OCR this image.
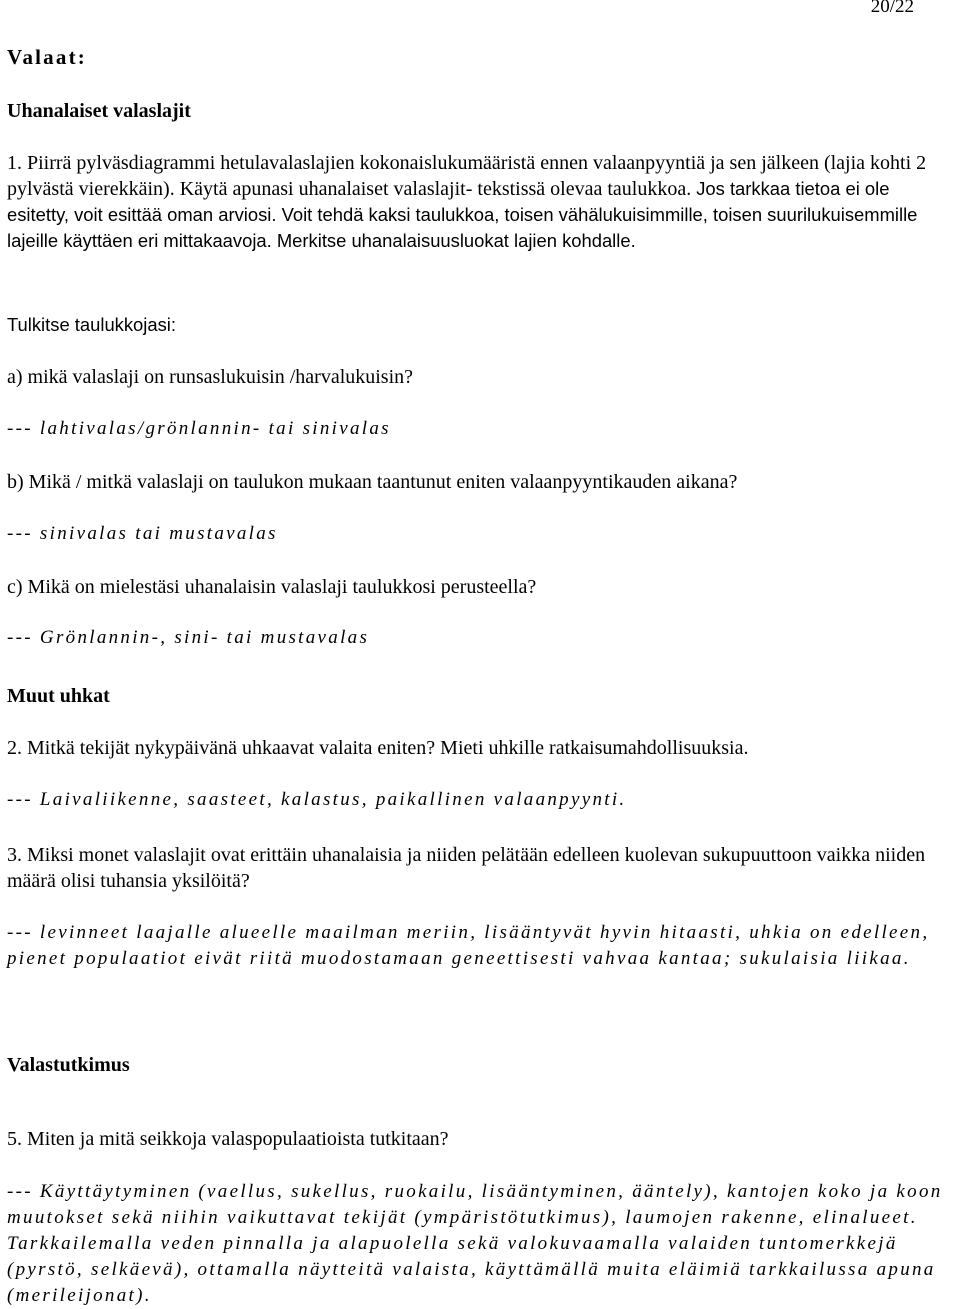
20/22
Valaat:
Uhanalaiset valaslajit

1. Piirrä pylväsdiagrammi hetulavalaslajien kokonaislukumääristä ennen valaanpyyntiä ja sen jälkeen (lajia kohti 2 pylvästä vierekkäin). Käytä apunasi uhanalaiset valaslajit- tekstissä olevaa taulukkoa. Jos tarkkaa tietoa ei ole esitetty, voit esittää oman arviosi. Voit tehdä kaksi taulukkoa, toisen vähälukuisimmille, toisen suurilukuisemmille lajeille käyttäen eri mittakaavoja. Merkitse uhanalaisuusluokat lajien kohdalle.

Tulkitse taulukkojasi:
a) mikä valaslaji on runsaslukuisin /harvalukuisin?
--- lahtivalas/grönlannin- tai sinivalas
b) Mikä / mitkä valaslaji on taulukon mukaan taantunut eniten valaanpyyntikauden aikana?
--- sinivalas tai mustavalas
c) Mikä on mielestäsi uhanalaisin valaslaji taulukkosi perusteella?
--- Grönlannin-, sini- tai mustavalas
Muut uhkat
2. Mitkä tekijät nykypäivänä uhkaavat valaita eniten? Mieti uhkille ratkaisumahdollisuuksia.
--- Laivaliikenne, saasteet, kalastus, paikallinen valaanpyynti.

3. Miksi monet valaslajit ovat erittäin uhanalaisia ja niiden pelätään edelleen kuolevan sukupuuttoon vaikka niiden määrä olisi tuhansia yksilöitä?

--- levinneet laajalle alueelle maailman meriin, lisääntyvät hyvin hitaasti, uhkia on edelleen, pienet populaatiot eivät riitä muodostamaan geneettisesti vahvaa kantaa; sukulaisia liikaa.

Valastutkimus
5. Miten ja mitä seikkoja valaspopulaatioista tutkitaan?

--- Käyttäytyminen (vaellus, sukellus, ruokailu, lisääntyminen, ääntely), kantojen koko ja koon muutokset sekä niihin vaikuttavat tekijät (ympäristötutkimus), laumojen rakenne, elinalueet. Tarkkailemalla veden pinnalla ja alapuolella sekä valokuvaamalla valaiden tuntomerkkejä (pyrstö, selkäevä), ottamalla näytteitä valaista, käyttämällä muita eläimiä tarkkailussa apuna (merileijonat).
